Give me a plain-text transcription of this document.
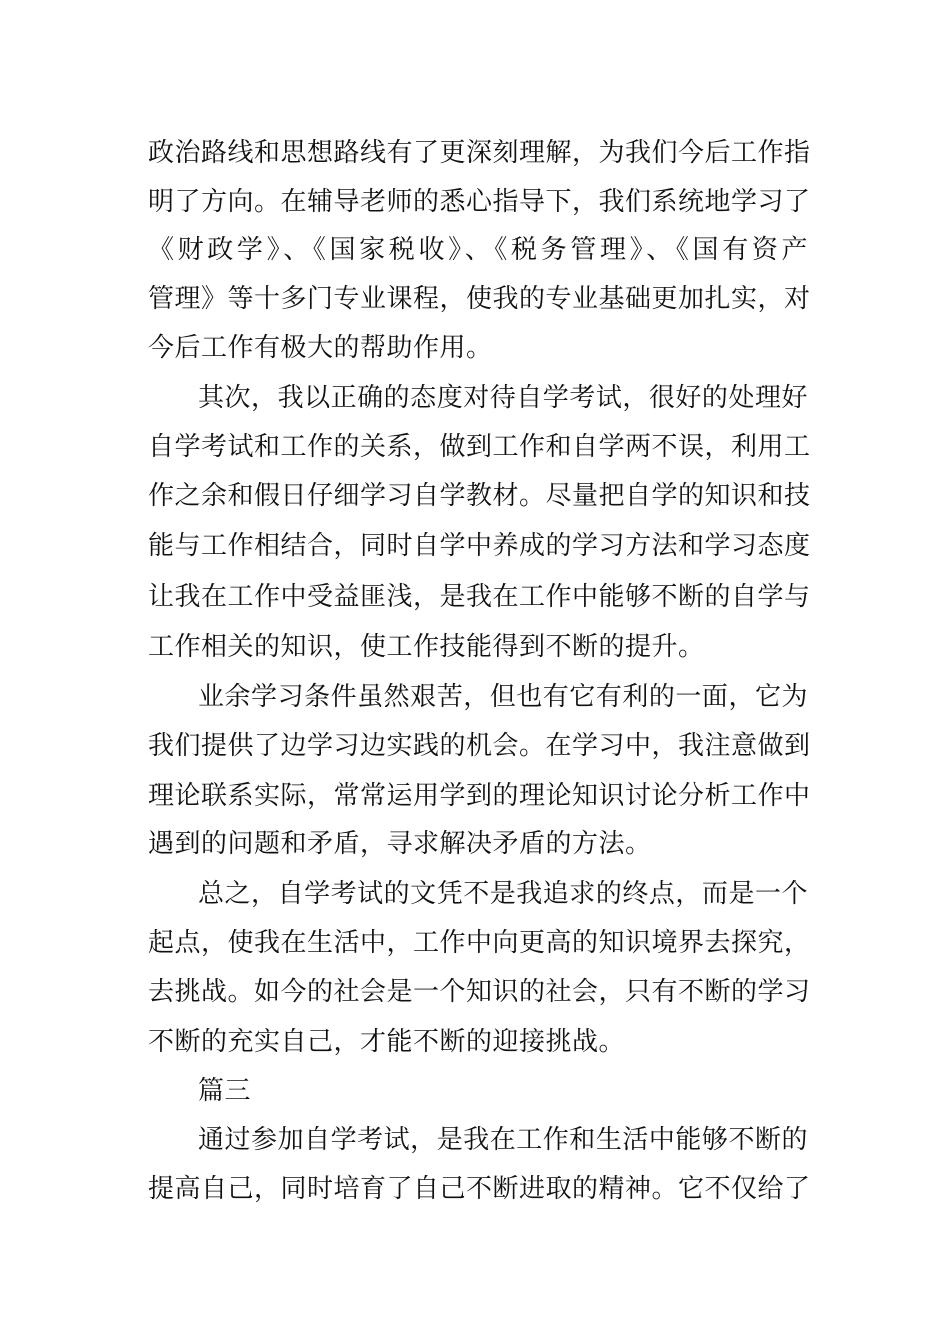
政治路线和思想路线有了更深刻理解，为我们今后工作指
明了方向。在辅导老师的悉心指导下，我们系统地学习了
《财政学》、《国家税收》、《税务管理》、《国有资产
管理》等十多门专业课程，使我的专业基础更加扎实，对
今后工作有极大的帮助作用。
其次，我以正确的态度对待自学考试，很好的处理好
自学考试和工作的关系，做到工作和自学两不误，利用工
作之余和假日仔细学习自学教材。尽量把自学的知识和技
能与工作相结合，同时自学中养成的学习方法和学习态度
让我在工作中受益匪浅，是我在工作中能够不断的自学与
工作相关的知识，使工作技能得到不断的提升。
业余学习条件虽然艰苦，但也有它有利的一面，它为
我们提供了边学习边实践的机会。在学习中，我注意做到
理论联系实际，常常运用学到的理论知识讨论分析工作中
遇到的问题和矛盾，寻求解决矛盾的方法。
总之，自学考试的文凭不是我追求的终点，而是一个
起点，使我在生活中，工作中向更高的知识境界去探究，
去挑战。如今的社会是一个知识的社会，只有不断的学习
不断的充实自己，才能不断的迎接挑战。
篇三
通过参加自学考试，是我在工作和生活中能够不断的
提高自己，同时培育了自己不断进取的精神。它不仅给了
